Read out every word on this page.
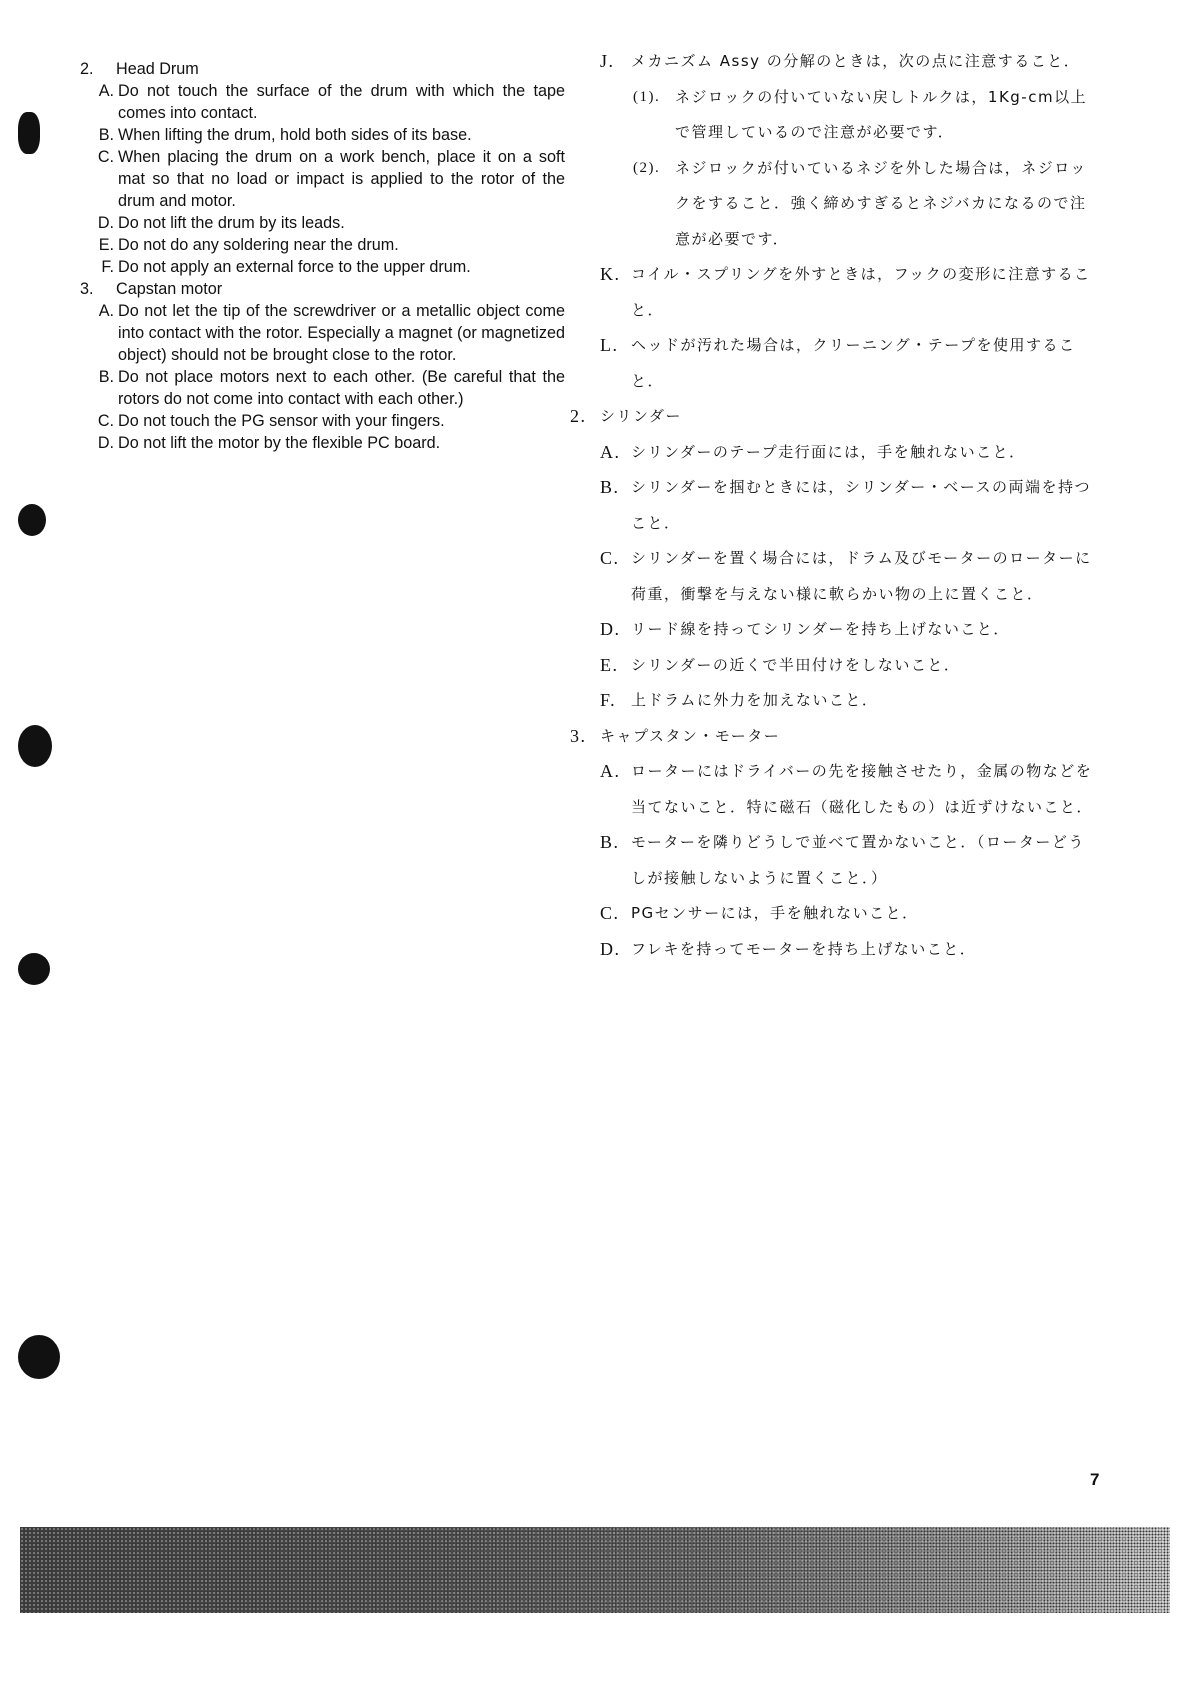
2.	Head Drum
A. Do not touch the surface of the drum with which the tape comes into contact.
B. When lifting the drum, hold both sides of its base.
C. When placing the drum on a work bench, place it on a soft mat so that no load or impact is applied to the rotor of the drum and motor.
D. Do not lift the drum by its leads.
E. Do not do any soldering near the drum.
F. Do not apply an external force to the upper drum.
3.	Capstan motor
A. Do not let the tip of the screwdriver or a metallic object come into contact with the rotor. Especially a magnet (or magnetized object) should not be brought close to the rotor.
B. Do not place motors next to each other. (Be careful that the rotors do not come into contact with each other.)
C. Do not touch the PG sensor with your fingers.
D. Do not lift the motor by the flexible PC board.
J.	メカニズム Assy の分解のときは，次の点に注意すること．
(1). ネジロックの付いていない戻しトルクは，1Kg-cm以上で管理しているので注意が必要です．
(2). ネジロックが付いているネジを外した場合は，ネジロックをすること．強く締めすぎるとネジバカになるので注意が必要です．
K. コイル・スプリングを外すときは，フックの変形に注意すること．
L. ヘッドが汚れた場合は，クリーニング・テープを使用すること．
2. シリンダー
A. シリンダーのテープ走行面には，手を触れないこと．
B. シリンダーを掴むときには，シリンダー・ベースの両端を持つこと．
C. シリンダーを置く場合には，ドラム及びモーターのローターに荷重，衝撃を与えない様に軟らかい物の上に置くこと．
D. リード線を持ってシリンダーを持ち上げないこと．
E. シリンダーの近くで半田付けをしないこと．
F. 上ドラムに外力を加えないこと．
3. キャプスタン・モーター
A. ローターにはドライバーの先を接触させたり，金属の物などを当てないこと．特に磁石（磁化したもの）は近ずけないこと．
B. モーターを隣りどうしで並べて置かないこと．（ローターどうしが接触しないように置くこと．）
C. PGセンサーには，手を触れないこと．
D. フレキを持ってモーターを持ち上げないこと．
7
